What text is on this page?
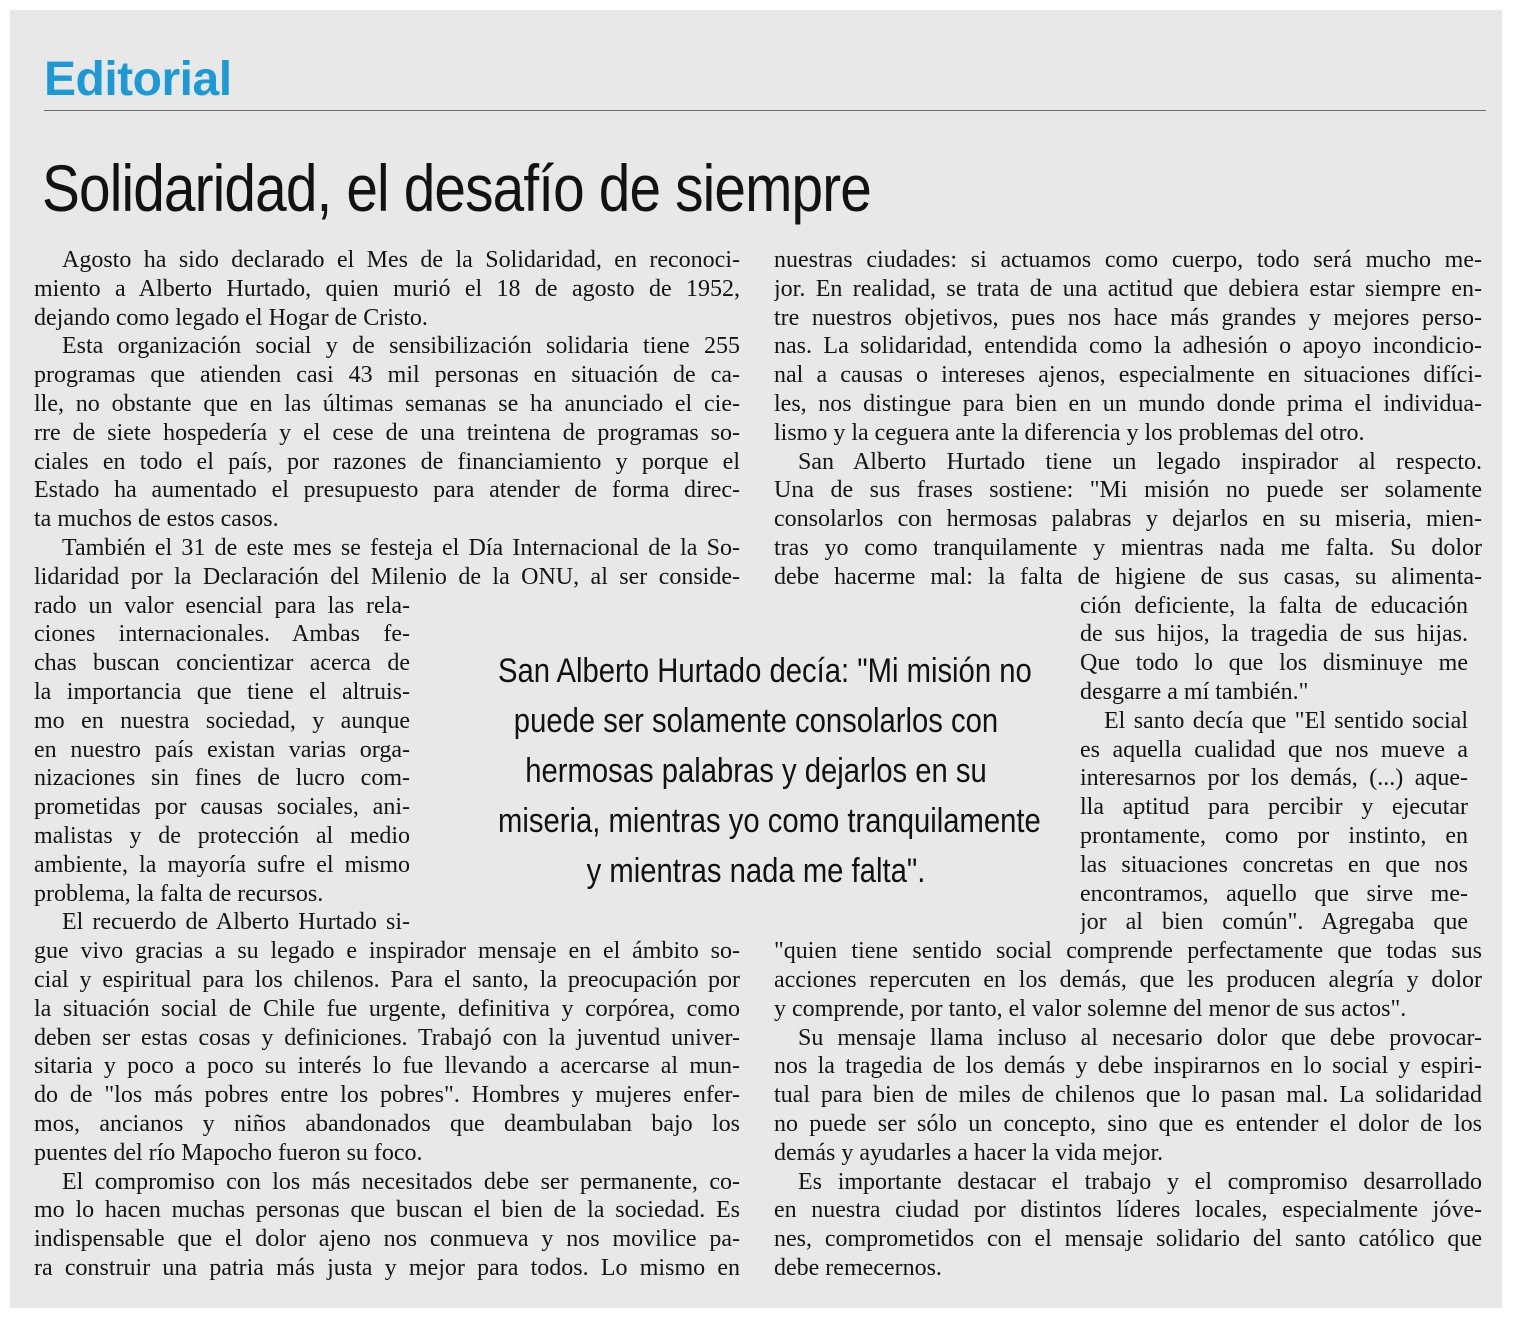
Editorial
Solidaridad, el desafío de siempre
Agosto ha sido declarado el Mes de la Solidaridad, en reconoci-
miento a Alberto Hurtado, quien murió el 18 de agosto de 1952,
dejando como legado el Hogar de Cristo.
Esta organización social y de sensibilización solidaria tiene 255
programas que atienden casi 43 mil personas en situación de ca-
lle, no obstante que en las últimas semanas se ha anunciado el cie-
rre de siete hospedería y el cese de una treintena de programas so-
ciales en todo el país, por razones de financiamiento y porque el
Estado ha aumentado el presupuesto para atender de forma direc-
ta muchos de estos casos.
También el 31 de este mes se festeja el Día Internacional de la So-
lidaridad por la Declaración del Milenio de la ONU, al ser conside-
rado un valor esencial para las rela-
ciones internacionales. Ambas fe-
chas buscan concientizar acerca de
la importancia que tiene el altruis-
mo en nuestra sociedad, y aunque
en nuestro país existan varias orga-
nizaciones sin fines de lucro com-
prometidas por causas sociales, ani-
malistas y de protección al medio
ambiente, la mayoría sufre el mismo
problema, la falta de recursos.
El recuerdo de Alberto Hurtado si-
gue vivo gracias a su legado e inspirador mensaje en el ámbito so-
cial y espiritual para los chilenos. Para el santo, la preocupación por
la situación social de Chile fue urgente, definitiva y corpórea, como
deben ser estas cosas y definiciones. Trabajó con la juventud univer-
sitaria y poco a poco su interés lo fue llevando a acercarse al mun-
do de "los más pobres entre los pobres". Hombres y mujeres enfer-
mos, ancianos y niños abandonados que deambulaban bajo los
puentes del río Mapocho fueron su foco.
El compromiso con los más necesitados debe ser permanente, co-
mo lo hacen muchas personas que buscan el bien de la sociedad. Es
indispensable que el dolor ajeno nos conmueva y nos movilice pa-
ra construir una patria más justa y mejor para todos. Lo mismo en
nuestras ciudades: si actuamos como cuerpo, todo será mucho me-
jor. En realidad, se trata de una actitud que debiera estar siempre en-
tre nuestros objetivos, pues nos hace más grandes y mejores perso-
nas. La solidaridad, entendida como la adhesión o apoyo incondicio-
nal a causas o intereses ajenos, especialmente en situaciones difíci-
les, nos distingue para bien en un mundo donde prima el individua-
lismo y la ceguera ante la diferencia y los problemas del otro.
San Alberto Hurtado tiene un legado inspirador al respecto.
Una de sus frases sostiene: "Mi misión no puede ser solamente
consolarlos con hermosas palabras y dejarlos en su miseria, mien-
tras yo como tranquilamente y mientras nada me falta. Su dolor
debe hacerme mal: la falta de higiene de sus casas, su alimenta-
ción deficiente, la falta de educación
de sus hijos, la tragedia de sus hijas.
Que todo lo que los disminuye me
desgarre a mí también."
El santo decía que "El sentido social
es aquella cualidad que nos mueve a
interesarnos por los demás, (...) aque-
lla aptitud para percibir y ejecutar
prontamente, como por instinto, en
las situaciones concretas en que nos
encontramos, aquello que sirve me-
jor al bien común". Agregaba que
"quien tiene sentido social comprende perfectamente que todas sus
acciones repercuten en los demás, que les producen alegría y dolor
y comprende, por tanto, el valor solemne del menor de sus actos".
Su mensaje llama incluso al necesario dolor que debe provocar-
nos la tragedia de los demás y debe inspirarnos en lo social y espiri-
tual para bien de miles de chilenos que lo pasan mal. La solidaridad
no puede ser sólo un concepto, sino que es entender el dolor de los
demás y ayudarles a hacer la vida mejor.
Es importante destacar el trabajo y el compromiso desarrollado
en nuestra ciudad por distintos líderes locales, especialmente jóve-
nes, comprometidos con el mensaje solidario del santo católico que
debe remecernos.
San Alberto Hurtado decía: "Mi misión no
puede ser solamente consolarlos con
hermosas palabras y dejarlos en su
miseria, mientras yo como tranquilamente
y mientras nada me falta".
